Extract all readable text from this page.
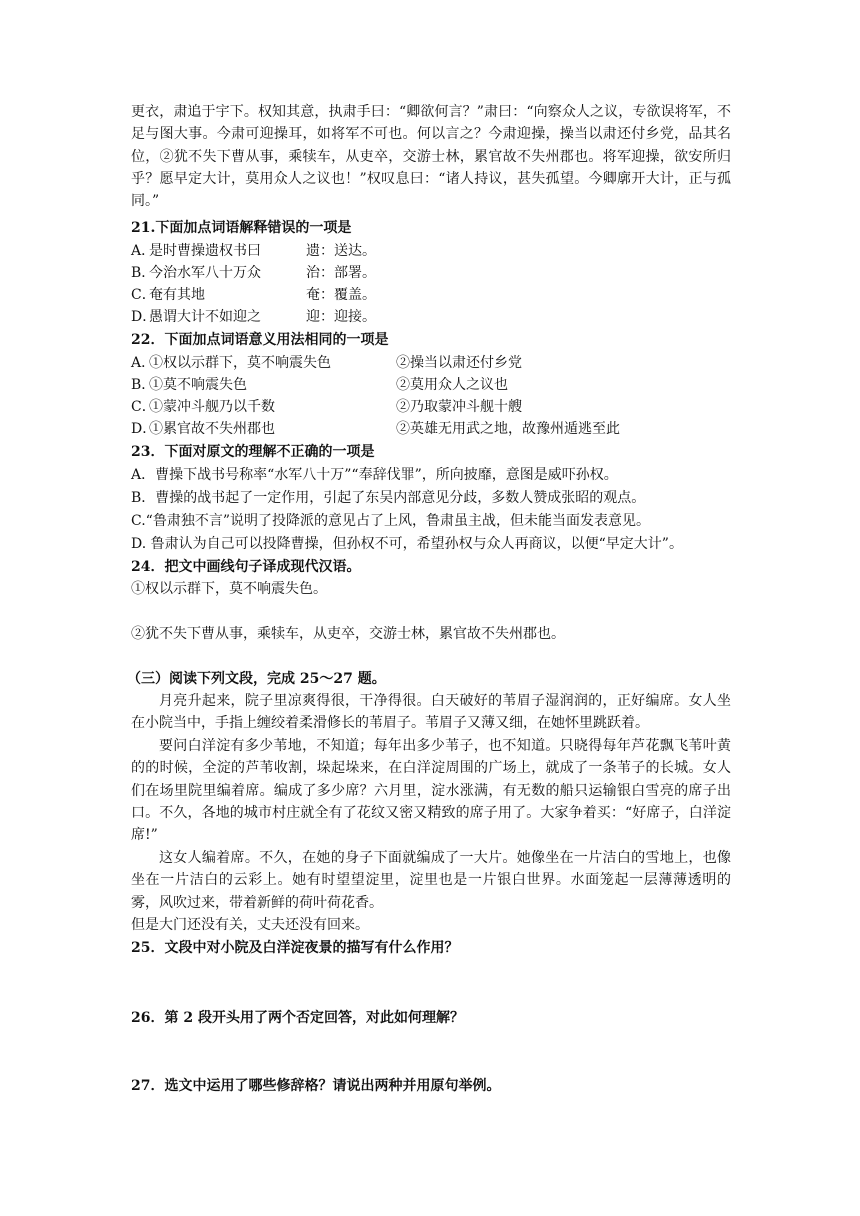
更衣，肃追于宇下。权知其意，执肃手曰：“卿欲何言？”肃曰：“向察众人之议，专欲误将军，不足与图大事。今肃可迎操耳，如将军不可也。何以言之？今肃迎操，操当以肃还付乡党，品其名位，②犹不失下曹从事，乘犊车，从吏卒，交游士林，累官故不失州郡也。将军迎操，欲安所归乎？愿早定大计，莫用众人之议也！”权叹息曰：“诸人持议，甚失孤望。今卿廓开大计，正与孤同。”

21.下面加点词语解释错误的一项是
A．是时曹操遗权书曰	遗：送达。
B．今治水军八十万众	治：部署。
C．奄有其地	奄：覆盖。
D．愚谓大计不如迎之	迎：迎接。
22．下面加点词语意义用法相同的一项是
A．①权以示群下，莫不响震失色	②操当以肃还付乡党
B．①莫不响震失色	②莫用众人之议也
C．①蒙冲斗舰乃以千数	②乃取蒙冲斗舰十艘
D．①累官故不失州郡也	②英雄无用武之地，故豫州遁逃至此
23．下面对原文的理解不正确的一项是
A．曹操下战书号称率“水军八十万”“奉辞伐罪”，所向披靡，意图是威吓孙权。
B．曹操的战书起了一定作用，引起了东吴内部意见分歧，多数人赞成张昭的观点。
C.“鲁肃独不言”说明了投降派的意见占了上风，鲁肃虽主战，但未能当面发表意见。
D. 鲁肃认为自己可以投降曹操，但孙权不可，希望孙权与众人再商议，以便“早定大计”。
24．把文中画线句子译成现代汉语。
①权以示群下，莫不响震失色。
②犹不失下曹从事，乘犊车，从吏卒，交游士林，累官故不失州郡也。
（三）阅读下列文段，完成 25～27 题。

月亮升起来，院子里凉爽得很，干净得很。白天破好的苇眉子湿润润的，正好编席。女人坐在小院当中，手指上缠绞着柔滑修长的苇眉子。苇眉子又薄又细，在她怀里跳跃着。

要问白洋淀有多少苇地，不知道；每年出多少苇子，也不知道。只晓得每年芦花飘飞苇叶黄的的时候，全淀的芦苇收割，垛起垛来，在白洋淀周围的广场上，就成了一条苇子的长城。女人们在场里院里编着席。编成了多少席？六月里，淀水涨满，有无数的船只运输银白雪亮的席子出口。不久，各地的城市村庄就全有了花纹又密又精致的席子用了。大家争着买：“好席子，白洋淀席!”

这女人编着席。不久，在她的身子下面就编成了一大片。她像坐在一片洁白的雪地上，也像坐在一片洁白的云彩上。她有时望望淀里，淀里也是一片银白世界。水面笼起一层薄薄透明的雾，风吹过来，带着新鲜的荷叶荷花香。

但是大门还没有关，丈夫还没有回来。
25．文段中对小院及白洋淀夜景的描写有什么作用？
26．第 2 段开头用了两个否定回答，对此如何理解？
27．选文中运用了哪些修辞格？请说出两种并用原句举例。
